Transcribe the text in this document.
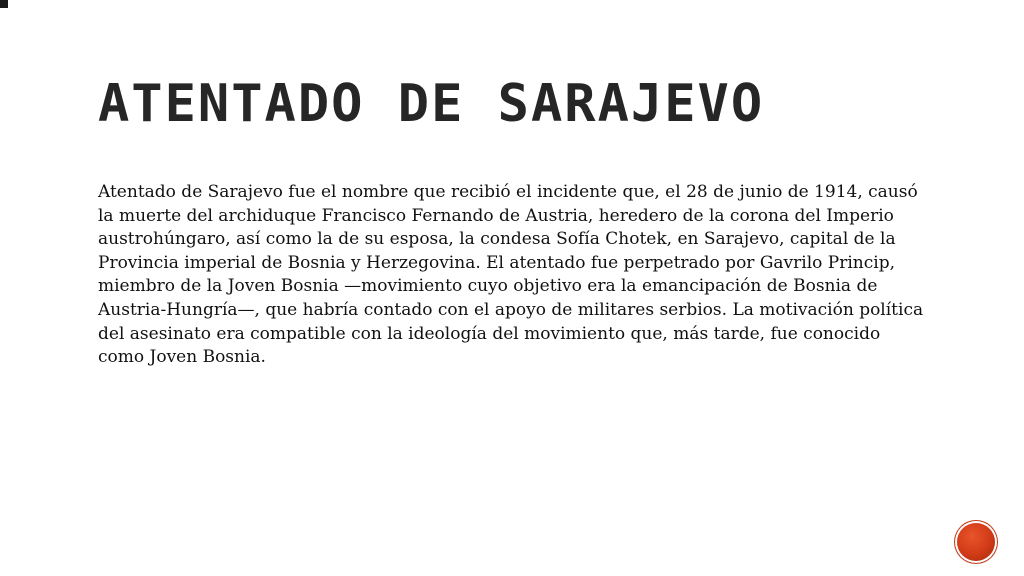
ATENTADO DE SARAJEVO

Atentado de Sarajevo fue el nombre que recibió el incidente que, el 28 de junio de 1914, causó la muerte del archiduque Francisco Fernando de Austria, heredero de la corona del Imperio austrohúngaro, así como la de su esposa, la condesa Sofía Chotek, en Sarajevo, capital de la Provincia imperial de Bosnia y Herzegovina. El atentado fue perpetrado por Gavrilo Princip, miembro de la Joven Bosnia —movimiento cuyo objetivo era la emancipación de Bosnia de Austria-Hungría—, que habría contado con el apoyo de militares serbios. La motivación política del asesinato era compatible con la ideología del movimiento que, más tarde, fue conocido como Joven Bosnia.
